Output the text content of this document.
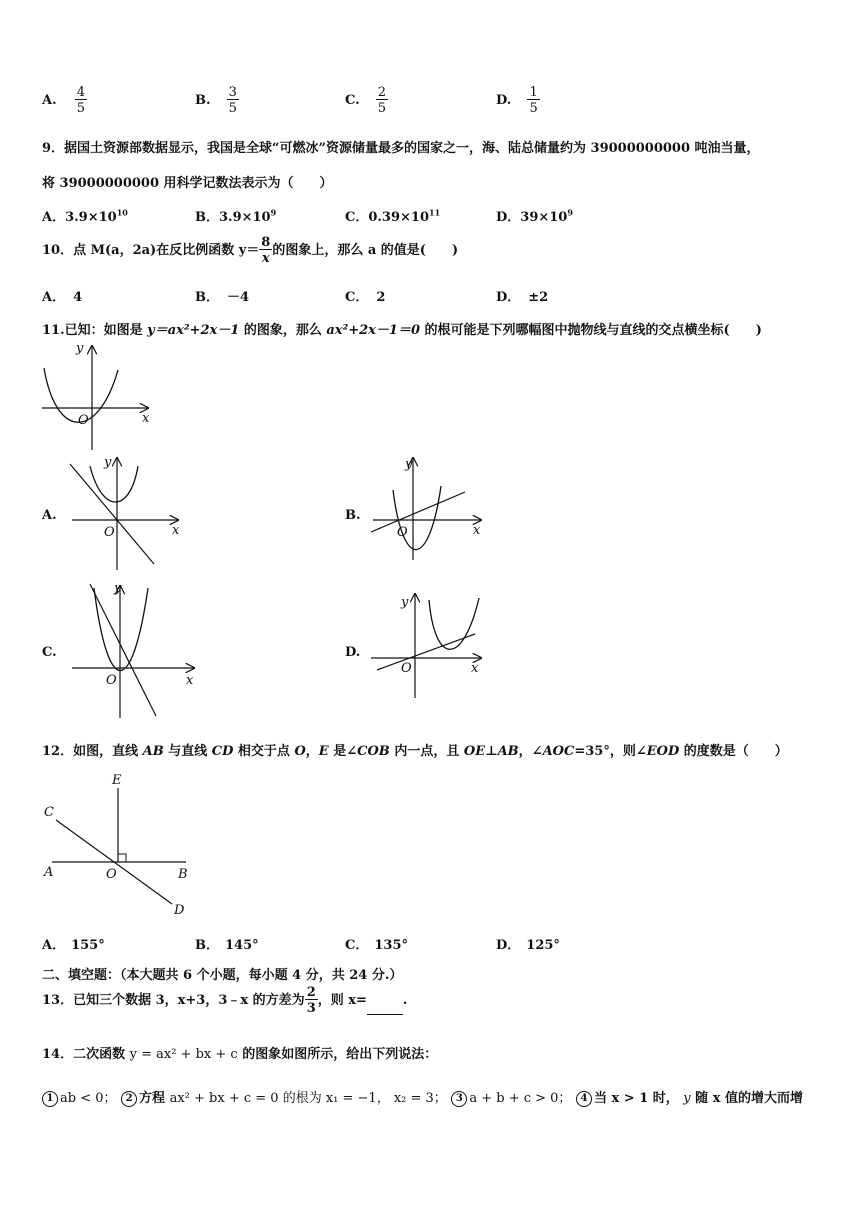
A. $\frac{4}{5}$	B. $\frac{3}{5}$	C. $\frac{2}{5}$	D. $\frac{1}{5}$
9．据国土资源部数据显示，我国是全球“可燃冰”资源储量最多的国家之一，海、陆总储量约为 39000000000 吨油当量，
将 39000000000 用科学记数法表示为（　　）
A．$3.9\times 10^{10}$	B．$3.9\times 10^9$	C．$0.39\times 10^{11}$	D．$39\times 10^9$
10．点 M(a，2a)在反比例函数 $y= \frac{8}{x}$ 的图象上，那么 a 的值是(　　)
A． 4	B． －4	C． 2	D． ±2
11.已知：如图是 y＝ax²+2x－1 的图象，那么 ax²+2x－1＝0 的根可能是下列哪幅图中抛物线与直线的交点横坐标(　　)
y
x
O
A.
y
x
O
B.
y
x
O
C.
y
x
O
D.
y
x
O
12．如图，直线 AB 与直线 CD 相交于点 O，E 是∠COB 内一点，且 OE⊥AB，∠AOC=35°，则∠EOD 的度数是（　　）
E
C
A	O	B
D
A． 155°	B． 145°	C． 135°	D． 125°
二、填空题：（本大题共 6 个小题，每小题 4 分，共 24 分.）
13．已知三个数据 3，x+3，3﹣x 的方差为 $\frac{2}{3}$ ，则 x=	.
14．二次函数 y = ax² + bx + c 的图象如图所示，给出下列说法：
1 ab < 0； 2 方程 ax² + bx + c = 0 的根为 x₁ = −1， x₂ = 3； 3 a + b + c > 0； 4 当 x > 1 时， y 随 x 值的增大而增
